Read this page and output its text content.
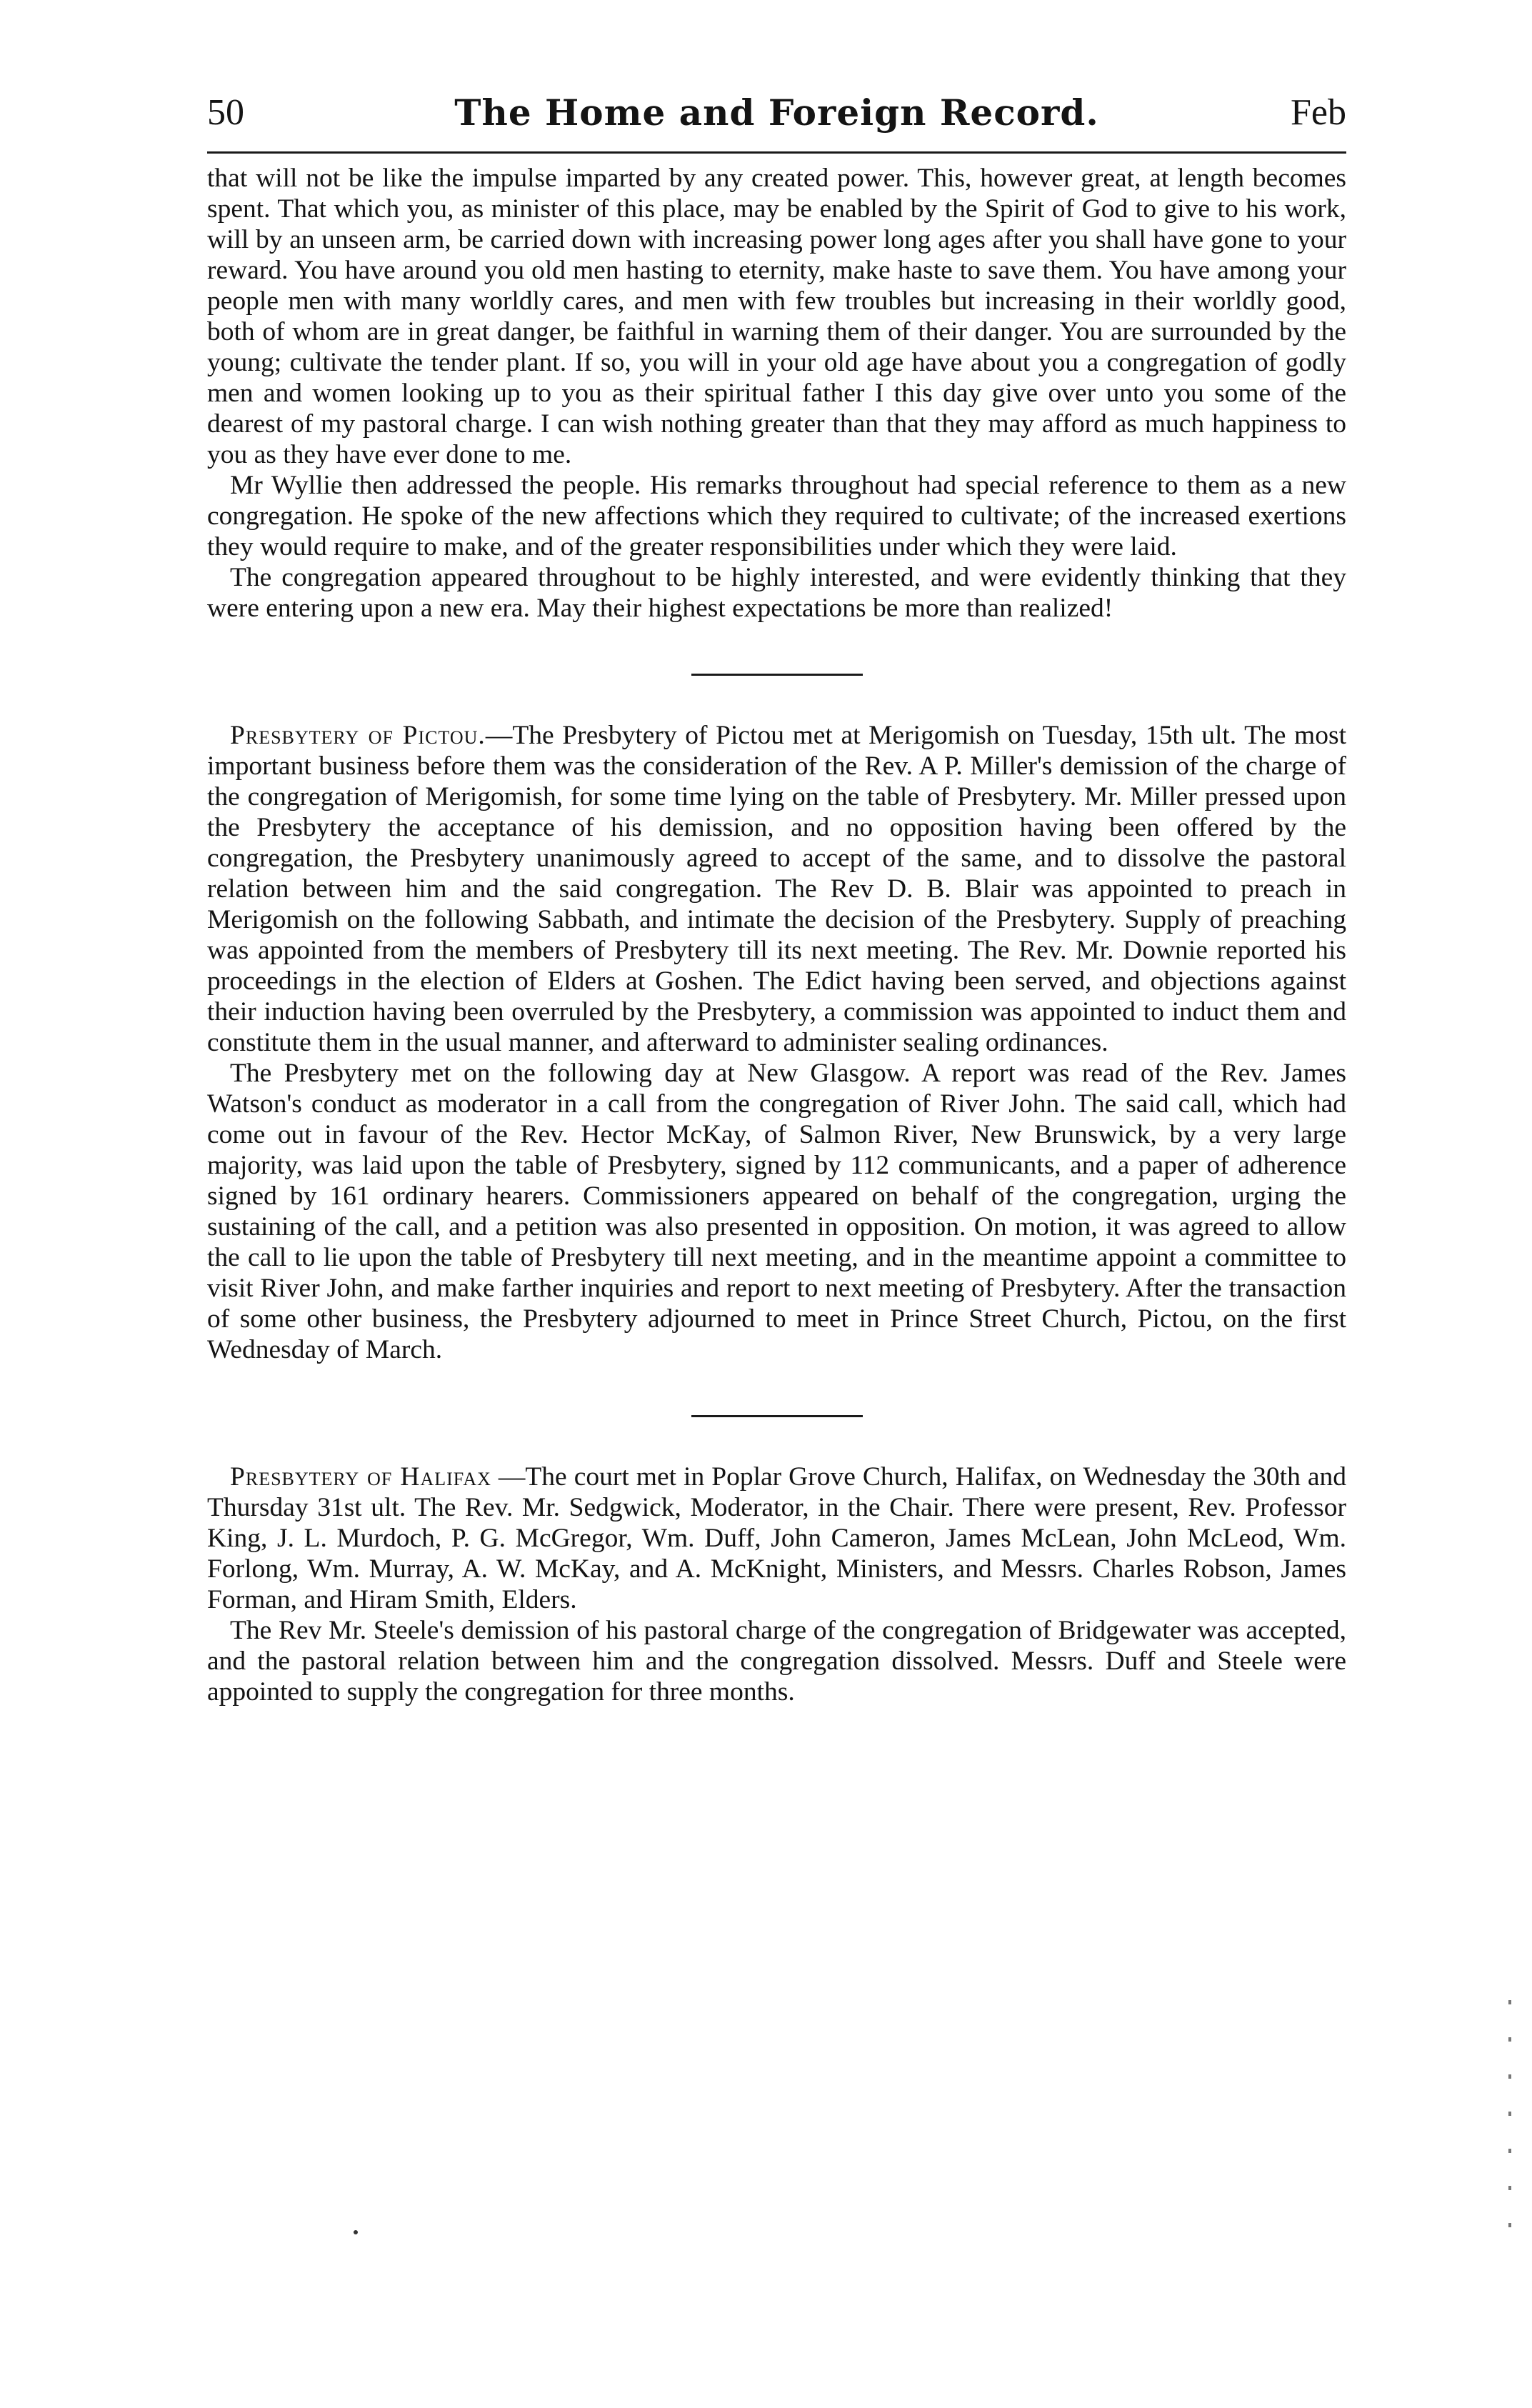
50	The Home and Foreign Record.	Feb

that will not be like the impulse imparted by any created power. This, however great, at length becomes spent. That which you, as minister of this place, may be enabled by the Spirit of God to give to his work, will by an unseen arm, be carried down with increasing power long ages after you shall have gone to your reward. You have around you old men hasting to eternity, make haste to save them. You have among your people men with many worldly cares, and men with few troubles but increasing in their worldly good, both of whom are in great danger, be faithful in warning them of their danger. You are surrounded by the young; cultivate the tender plant. If so, you will in your old age have about you a congregation of godly men and women looking up to you as their spiritual father I this day give over unto you some of the dearest of my pastoral charge. I can wish nothing greater than that they may afford as much happiness to you as they have ever done to me.

Mr Wyllie then addressed the people. His remarks throughout had special reference to them as a new congregation. He spoke of the new affections which they required to cultivate; of the increased exertions they would require to make, and of the greater responsibilities under which they were laid.

The congregation appeared throughout to be highly interested, and were evidently thinking that they were entering upon a new era. May their highest expectations be more than realized!

Presbytery of Pictou.—The Presbytery of Pictou met at Merigomish on Tuesday, 15th ult. The most important business before them was the consideration of the Rev. A P. Miller's demission of the charge of the congregation of Merigomish, for some time lying on the table of Presbytery. Mr. Miller pressed upon the Presbytery the acceptance of his demission, and no opposition having been offered by the congregation, the Presbytery unanimously agreed to accept of the same, and to dissolve the pastoral relation between him and the said congregation. The Rev D. B. Blair was appointed to preach in Merigomish on the following Sabbath, and intimate the decision of the Presbytery. Supply of preaching was appointed from the members of Presbytery till its next meeting. The Rev. Mr. Downie reported his proceedings in the election of Elders at Goshen. The Edict having been served, and objections against their induction having been overruled by the Presbytery, a commission was appointed to induct them and constitute them in the usual manner, and afterward to administer sealing ordinances.

The Presbytery met on the following day at New Glasgow. A report was read of the Rev. James Watson's conduct as moderator in a call from the congregation of River John. The said call, which had come out in favour of the Rev. Hector McKay, of Salmon River, New Brunswick, by a very large majority, was laid upon the table of Presbytery, signed by 112 communicants, and a paper of adherence signed by 161 ordinary hearers. Commissioners appeared on behalf of the congregation, urging the sustaining of the call, and a petition was also presented in opposition. On motion, it was agreed to allow the call to lie upon the table of Presbytery till next meeting, and in the meantime appoint a committee to visit River John, and make farther inquiries and report to next meeting of Presbytery. After the transaction of some other business, the Presbytery adjourned to meet in Prince Street Church, Pictou, on the first Wednesday of March.

Presbytery of Halifax —The court met in Poplar Grove Church, Halifax, on Wednesday the 30th and Thursday 31st ult. The Rev. Mr. Sedgwick, Moderator, in the Chair. There were present, Rev. Professor King, J. L. Murdoch, P. G. McGregor, Wm. Duff, John Cameron, James McLean, John McLeod, Wm. Forlong, Wm. Murray, A. W. McKay, and A. McKnight, Ministers, and Messrs. Charles Robson, James Forman, and Hiram Smith, Elders.

The Rev Mr. Steele's demission of his pastoral charge of the congregation of Bridgewater was accepted, and the pastoral relation between him and the congregation dissolved. Messrs. Duff and Steele were appointed to supply the congregation for three months.
